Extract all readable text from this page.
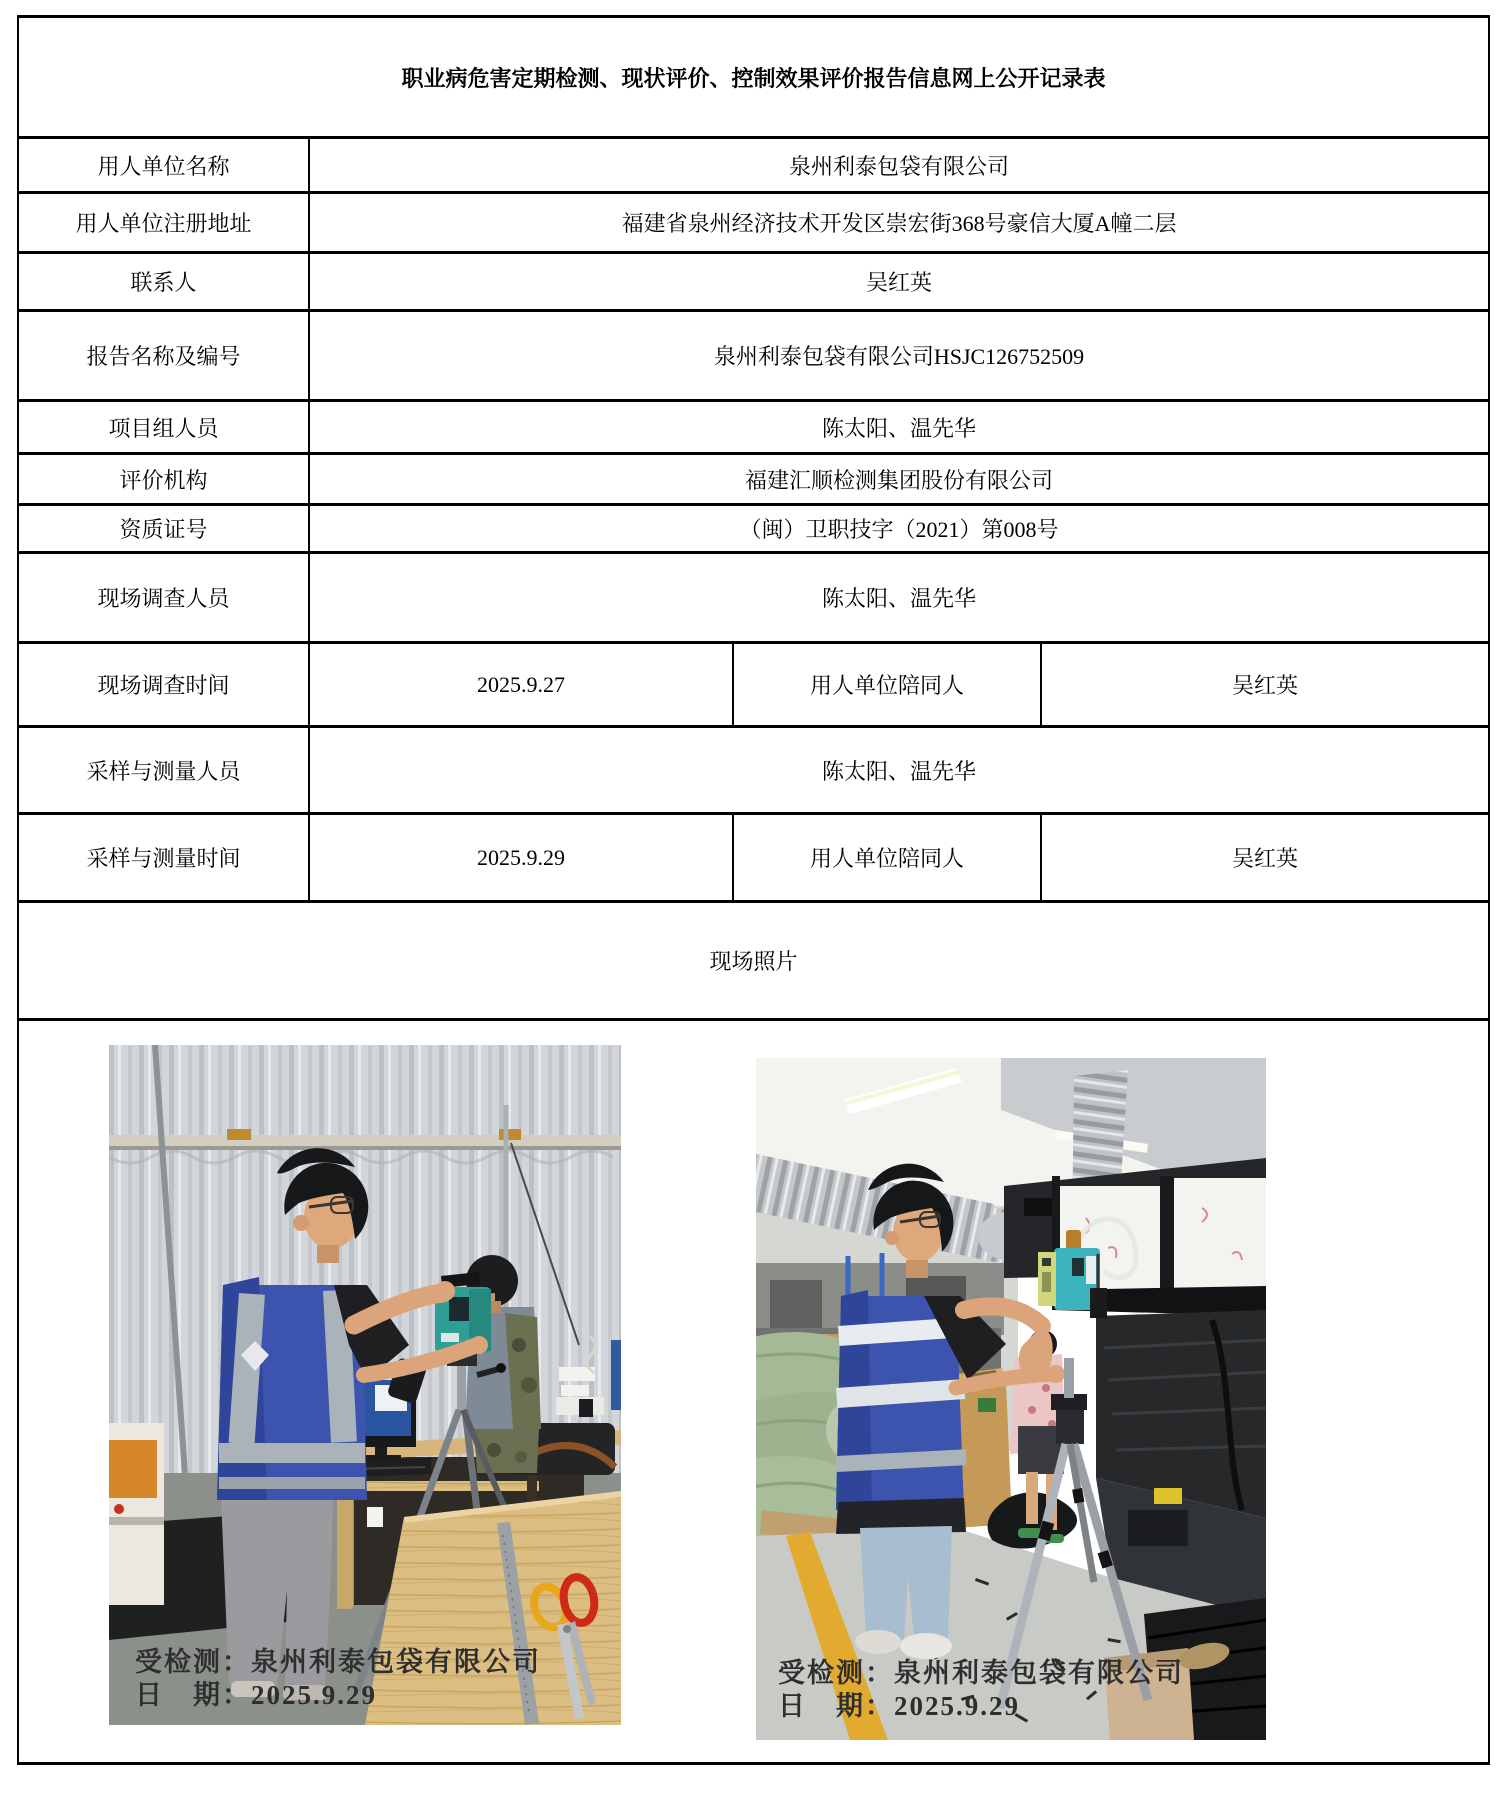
职业病危害定期检测、现状评价、控制效果评价报告信息网上公开记录表			
用人单位名称	泉州利泰包袋有限公司		
用人单位注册地址	福建省泉州经济技术开发区崇宏街368号豪信大厦A幢二层		
联系人	吴红英		
报告名称及编号	泉州利泰包袋有限公司HSJC126752509		
项目组人员	陈太阳、温先华		
评价机构	福建汇顺检测集团股份有限公司		
资质证号	（闽）卫职技字（2021）第008号		
现场调查人员	陈太阳、温先华		
现场调查时间	2025.9.27	用人单位陪同人	吴红英
采样与测量人员	陈太阳、温先华		
采样与测量时间	2025.9.29	用人单位陪同人	吴红英
现场照片			

受检测：泉州利泰包袋有限公司
日　期：2025.9.29
受检测：泉州利泰包袋有限公司
日　期：2025.9.29			
